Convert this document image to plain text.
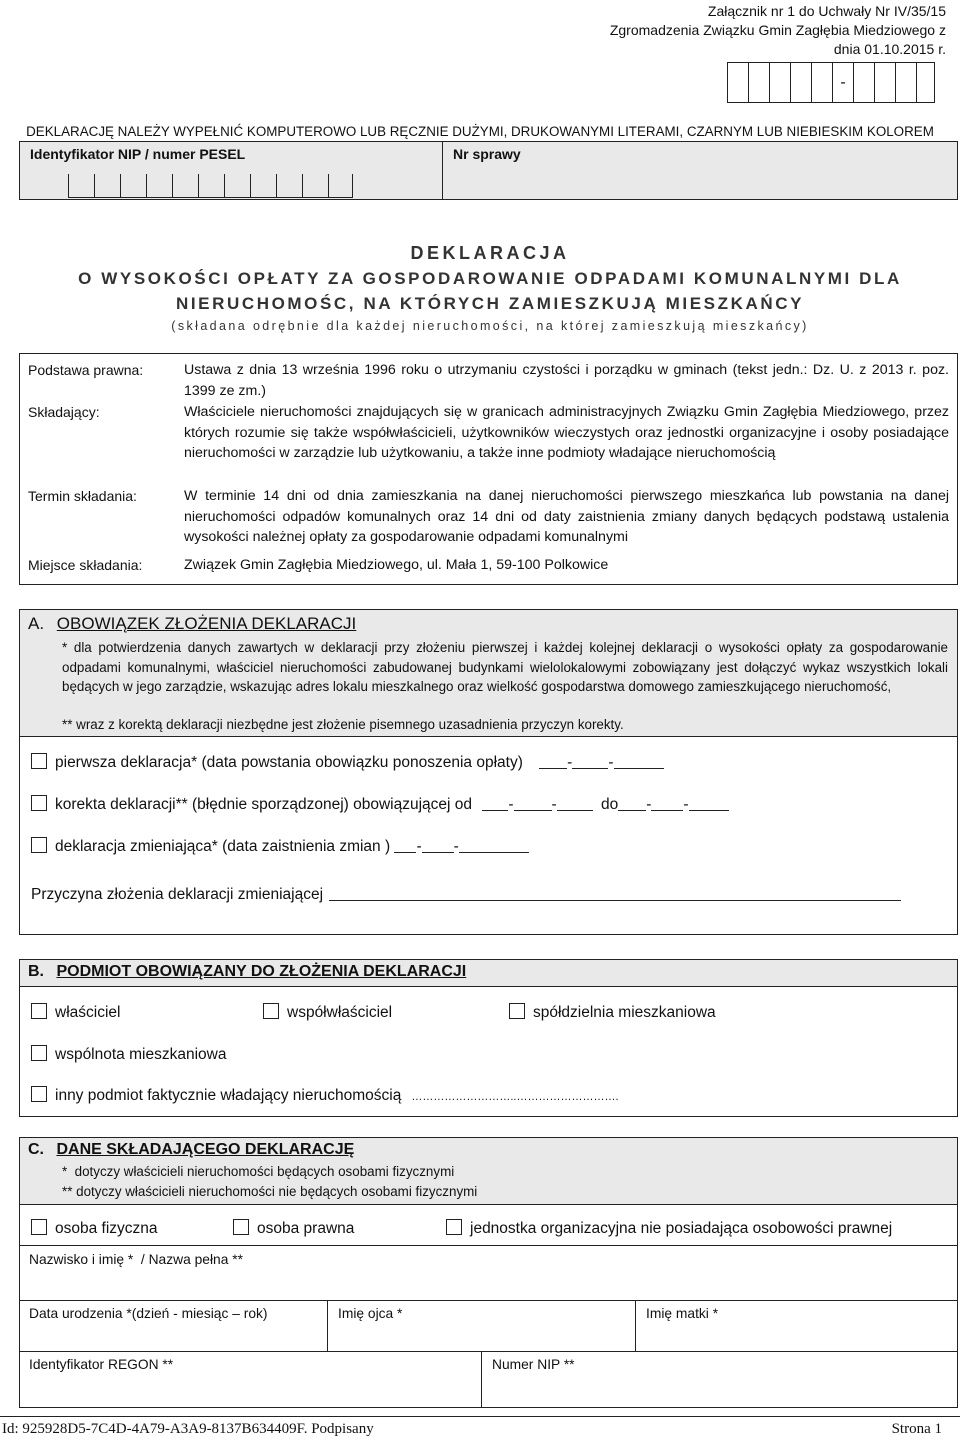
Załącznik nr 1 do Uchwały Nr IV/35/15
Zgromadzenia Związku Gmin Zagłębia Miedziowego z
dnia 01.10.2015 r.
-
DEKLARACJĘ NALEŻY WYPEŁNIĆ KOMPUTEROWO LUB RĘCZNIE DUŻYMI, DRUKOWANYMI LITERAMI, CZARNYM LUB NIEBIESKIM KOLOREM
Identyfikator NIP / numer PESEL	Nr sprawy
DEKLARACJA
O WYSOKOŚCI OPŁATY ZA GOSPODAROWANIE ODPADAMI KOMUNALNYMI DLA
NIERUCHOMOŚC, NA KTÓRYCH ZAMIESZKUJĄ MIESZKAŃCY
(składana odrębnie dla każdej nieruchomości, na której zamieszkują mieszkańcy)
Podstawa prawna:	Ustawa z dnia 13 września 1996 roku o utrzymaniu czystości i porządku w gminach (tekst jedn.: Dz. U. z 2013 r. poz. 1399 ze zm.)
Składający:	Właściciele nieruchomości znajdujących się w granicach administracyjnych Związku Gmin Zagłębia Miedziowego, przez których rozumie się także współwłaścicieli, użytkowników wieczystych oraz jednostki organizacyjne i osoby posiadające nieruchomości w zarządzie lub użytkowaniu, a także inne podmioty władające nieruchomością
Termin składania:	W terminie 14 dni od dnia zamieszkania na danej nieruchomości pierwszego mieszkańca lub powstania na danej nieruchomości odpadów komunalnych oraz 14 dni od daty zaistnienia zmiany danych będących podstawą ustalenia wysokości należnej opłaty za gospodarowanie odpadami komunalnymi
Miejsce składania:	Związek Gmin Zagłębia Miedziowego, ul. Mała 1, 59-100 Polkowice
A. OBOWIĄZEK ZŁOŻENIA DEKLARACJI
* dla potwierdzenia danych zawartych w deklaracji przy złożeniu pierwszej i każdej kolejnej deklaracji o wysokości opłaty za gospodarowanie odpadami komunalnymi, właściciel nieruchomości zabudowanej budynkami wielolokalowymi zobowiązany jest dołączyć wykaz wszystkich lokali będących w jego zarządzie, wskazując adres lokalu mieszkalnego oraz wielkość gospodarstwa domowego zamieszkującego nieruchomość,
** wraz z korektą deklaracji niezbędne jest złożenie pisemnego uzasadnienia przyczyn korekty.
pierwsza deklaracja* (data powstania obowiązku ponoszenia opłaty)	- -
korekta deklaracji** (błędnie sporządzonej) obowiązującej od - -	do - -
deklaracja zmieniająca* (data zaistnienia zmian ) - -
Przyczyna złożenia deklaracji zmieniającej
B. PODMIOT OBOWIĄZANY DO ZŁOŻENIA DEKLARACJI
właściciel	współwłaściciel	spółdzielnia mieszkaniowa
wspólnota mieszkaniowa
inny podmiot faktycznie władający nieruchomością ………………………..……………………….
C. DANE SKŁADAJĄCEGO DEKLARACJĘ
*  dotyczy właścicieli nieruchomości będących osobami fizycznymi
** dotyczy właścicieli nieruchomości nie będących osobami fizycznymi
osoba fizyczna	osoba prawna	jednostka organizacyjna nie posiadająca osobowości prawnej
Nazwisko i imię *  / Nazwa pełna **
Data urodzenia *(dzień - miesiąc – rok)	Imię ojca *	Imię matki *
Identyfikator REGON **	Numer NIP **
Id: 925928D5-7C4D-4A79-A3A9-8137B634409F. Podpisany	Strona 1
